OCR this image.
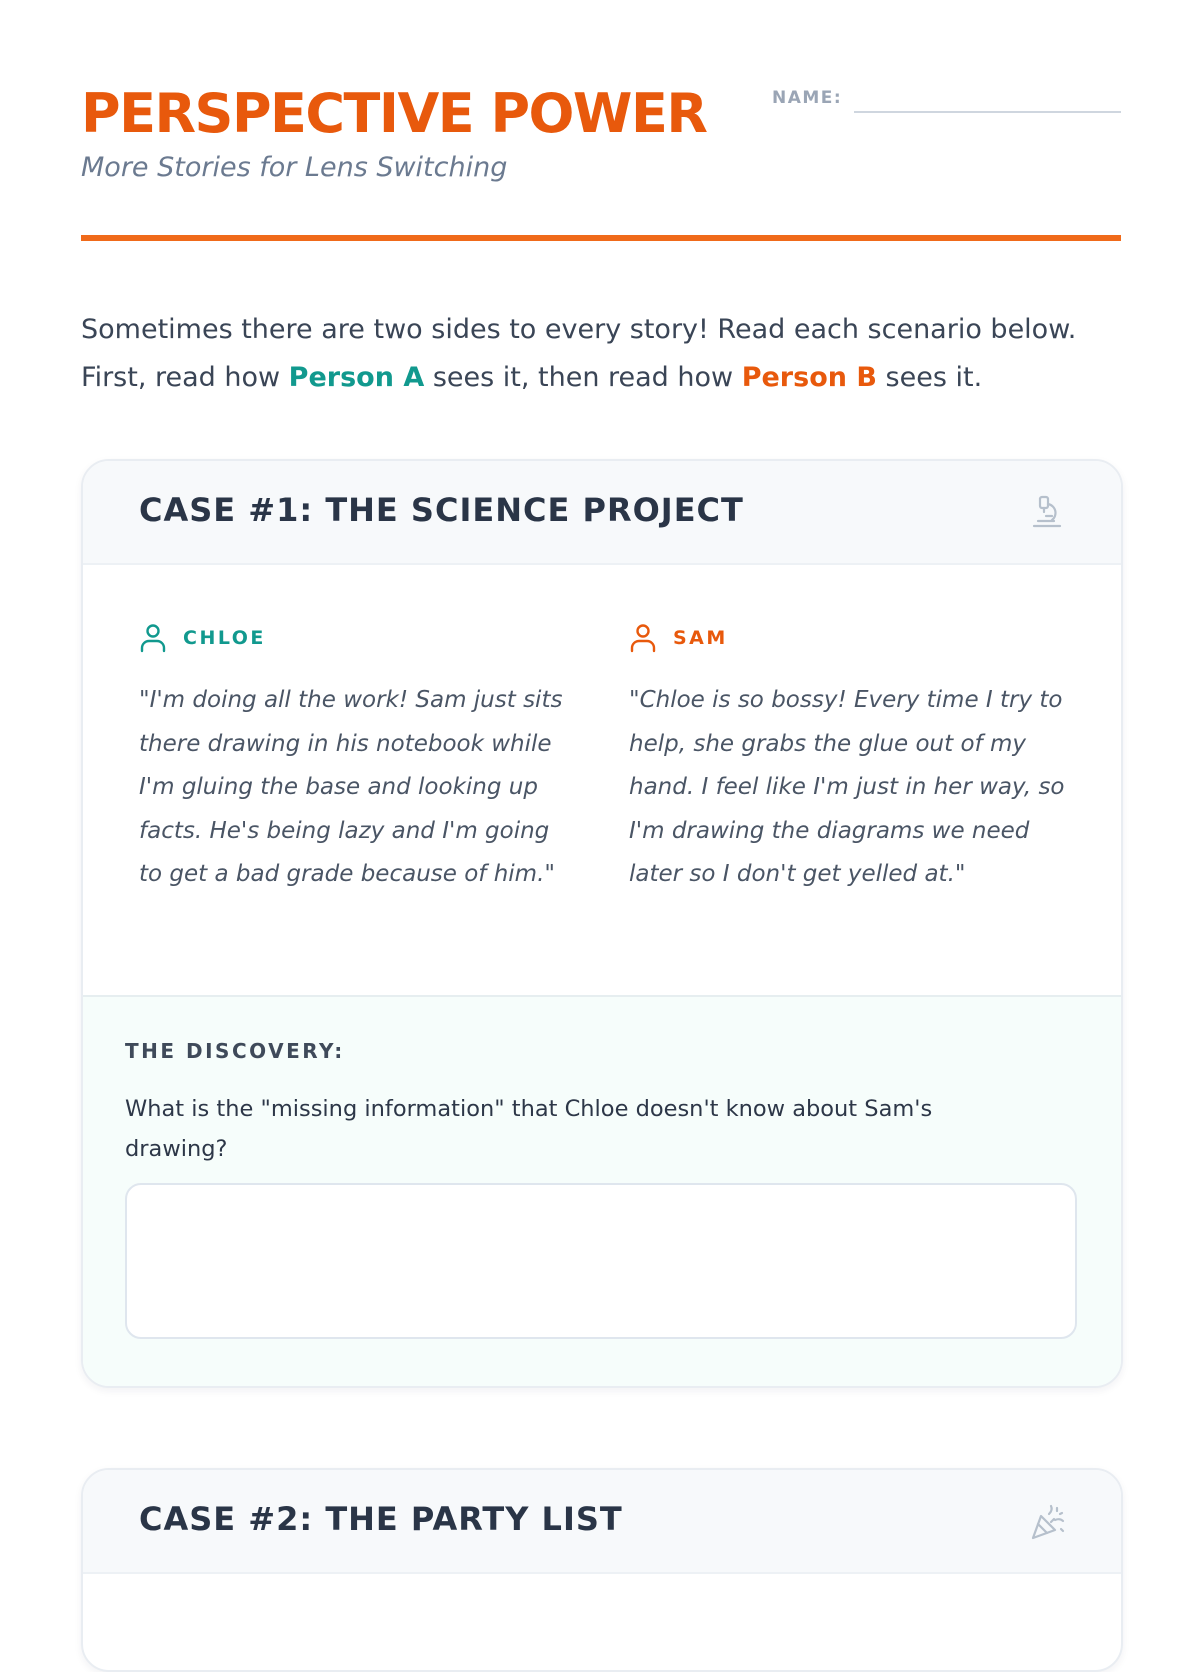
PERSPECTIVE POWER

More Stories for Lens Switching

NAME:
Sometimes there are two sides to every story! Read each scenario below.
First, read how Person A sees it, then read how Person B sees it.
CASE #1: THE SCIENCE PROJECT
CHLOE

"I'm doing all the work! Sam just sits there drawing in his notebook while I'm gluing the base and looking up facts. He's being lazy and I'm going to get a bad grade because of him."

SAM

"Chloe is so bossy! Every time I try to help, she grabs the glue out of my hand. I feel like I'm just in her way, so I'm drawing the diagrams we need later so I don't get yelled at."

THE DISCOVERY:

What is the "missing information" that Chloe doesn't know about Sam's drawing?

CASE #2: THE PARTY LIST
